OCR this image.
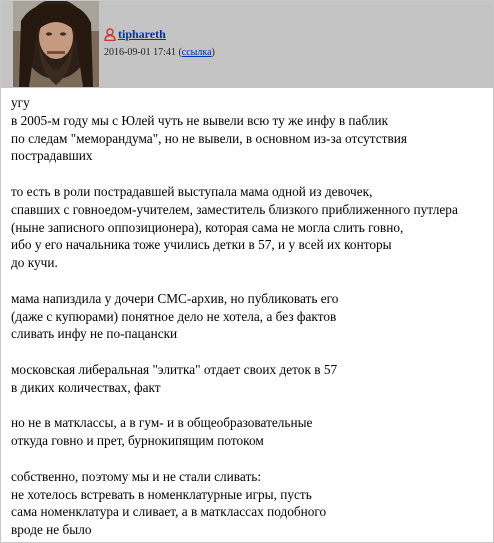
tiphareth
2016-09-01 17:41 (ссылка)
угу
в 2005-м году мы с Юлей чуть не вывели всю ту же инфу в паблик
по следам "меморандума", но не вывели, в основном из-за отсутствия
пострадавших
то есть в роли пострадавшей выступала мама одной из девочек,
спавших с говноедом-учителем, заместитель близкого приближенного путлера
(ныне записного оппозиционера), которая сама не могла слить говно,
ибо у его начальника тоже учились детки в 57, и у всей их конторы
до кучи.
мама напиздила у дочери СМС-архив, но публиковать его
(даже с купюрами) понятное дело не хотела, а без фактов
сливать инфу не по-пацански
московская либеральная "элитка" отдает своих деток в 57
в диких количествах, факт
но не в матклассы, а в гум- и в общеобразовательные
откуда говно и прет, бурнокипящим потоком
собственно, поэтому мы и не стали сливать:
не хотелось встревать в номенклатурные игры, пусть
сама номенклатура и сливает, а в матклассах подобного
вроде не было
